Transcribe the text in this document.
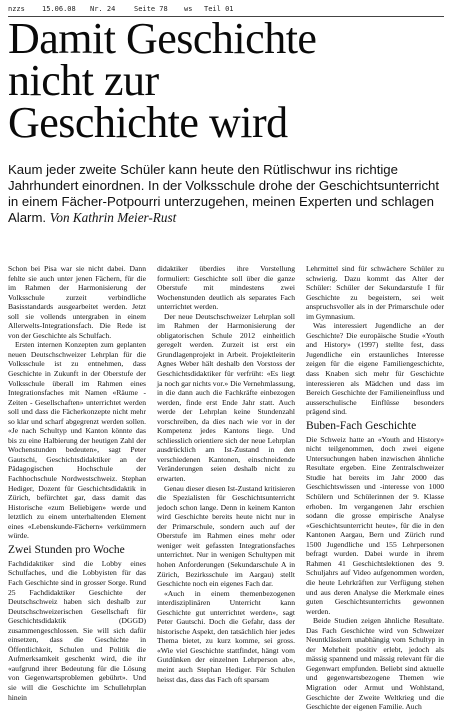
nzzs 15.06.08 Nr. 24	Seite 78 ws Teil 01
Damit Geschichte
nicht zur
Geschichte wird

Kaum jeder zweite Schüler kann heute den Rütlischwur ins richtige Jahrhundert einordnen. In der Volksschule drohe der Geschichtsunterricht in einem Fächer-Potpourri unterzugehen, meinen Experten und schlagen Alarm. Von Kathrin Meier-Rust

Schon bei Pisa war sie nicht dabei. Dann fehlte sie auch unter jenen Fächern, für die im Rahmen der Harmonisierung der Volksschule zurzeit verbindliche Basisstandards ausgearbeitet werden. Jetzt soll sie vollends untergraben in einem Allerwelts-Integrationsfach. Die Rede ist von der Geschichte als Schulfach.

Ersten internen Konzepten zum geplanten neuen Deutschschweizer Lehrplan für die Volksschule ist zu entnehmen, dass Geschichte in Zukunft in der Oberstufe der Volksschule überall im Rahmen eines Integrationsfaches mit Namen «Räume - Zeiten - Gesellschaften» unterrichtet werden soll und dass die Fächerkonzepte nicht mehr so klar und scharf abgegrenzt werden sollen. «Je nach Schultyp und Kanton könnte das bis zu eine Halbierung der heutigen Zahl der Wochenstunden bedeuten», sagt Peter Gautschi, Geschichtsdidaktiker an der Pädagogischen Hochschule der Fachhochschule Nordwestschweiz. Stephan Hediger, Dozent für Geschichtsdidaktik in Zürich, befürchtet gar, dass damit das Historische «zum Beliebigen» werde und letztlich zu einem unterhaltenden Element eines «Lebenskunde-Fächern» verkümmern würde.

Zwei Stunden pro Woche

Fachdidaktiker sind die Lobby eines Schulfaches, und die Lobbyisten für das Fach Geschichte sind in grosser Sorge. Rund 25 Fachdidaktiker Geschichte der Deutschschweiz haben sich deshalb zur Deutschschweizerischen Gesellschaft für Geschichtsdidaktik (DGGD) zusammengeschlossen. Sie will sich dafür einsetzen, dass die Geschichte in Öffentlichkeit, Schulen und Politik die Aufmerksamkeit geschenkt wird, die ihr «aufgrund ihrer Bedeutung für die Lösung von Gegenwartsproblemen gebührt». Und sie will die Geschichte im Schullehrplan hinein

didaktiker überdies ihre Vorstellung formuliert: Geschichte soll über die ganze Oberstufe mit mindestens zwei Wochenstunden deutlich als separates Fach unterrichtet werden.

Der neue Deutschschweizer Lehrplan soll im Rahmen der Harmonisierung der obligatorischen Schule 2012 einheitlich geregelt werden. Zurzeit ist erst ein Grundlagenprojekt in Arbeit. Projektleiterin Agnes Weber hält deshalb den Vorstoss der Geschichtsdidaktiker für verfrüht: «Es liegt ja noch gar nichts vor.» Die Vernehmlassung, in die dann auch die Fachkräfte einbezogen werden, finde erst Ende Jahr statt. Auch werde der Lehrplan keine Stundenzahl vorschreiben, da dies nach wie vor in der Kompetenz jedes Kantons liege. Und schliesslich orientiere sich der neue Lehrplan ausdrücklich am Ist-Zustand in den verschiedenen Kantonen, einschneidende Veränderungen seien deshalb nicht zu erwarten.

Genau dieser diesen Ist-Zustand kritisieren die Spezialisten für Geschichtsunterricht jedoch schon lange. Denn in keinem Kanton wird Geschichte bereits heute nicht nur in der Primarschule, sondern auch auf der Oberstufe im Rahmen eines mehr oder weniger weit gefassten Integrationsfaches unterrichtet. Nur in wenigen Schultypen mit hohen Anforderungen (Sekundarschule A in Zürich, Bezirksschule im Aargau) stellt Geschichte noch ein eigenes Fach dar.

«Auch in einem themenbezogenen interdisziplinären Unterricht kann Geschichte gut unterrichtet werden», sagt Peter Gautschi. Doch die Gefahr, dass der historische Aspekt, den tatsächlich hier jedes Thema bietet, zu kurz komme, sei gross. «Wie viel Geschichte stattfindet, hängt vom Gutdünken der einzelnen Lehrperson ab», meint auch Stephan Hediger. Für Schulen heisst das, dass das Fach oft sparsam

Lehrmittel sind für schwächere Schüler zu schwierig. Dazu kommt das Alter der Schüler: Schüler der Sekundarstufe I für Geschichte zu begeistern, sei weit anspruchsvoller als in der Primarschule oder im Gymnasium.

Was interessiert Jugendliche an der Geschichte? Die europäische Studie «Youth and History» (1997) stellte fest, dass Jugendliche ein erstaunliches Interesse zeigen für die eigene Familiengeschichte, dass Knaben sich mehr für Geschichte interessieren als Mädchen und dass im Bereich Geschichte der Familieneinfluss und ausserschulische Einflüsse besonders prägend sind.

Buben-Fach Geschichte

Die Schweiz hatte an «Youth and History» nicht teilgenommen, doch zwei eigene Untersuchungen haben inzwischen ähnliche Resultate ergeben. Eine Zentralschweizer Studie hat bereits im Jahr 2000 das Geschichtswissen und -interesse von 1000 Schülern und Schülerinnen der 9. Klasse erhoben. Im vergangenen Jahr erschien sodann die grosse empirische Analyse «Geschichtsunterricht heute», für die in den Kantonen Aargau, Bern und Zürich rund 1500 Jugendliche und 155 Lehrpersonen befragt wurden. Dabei wurde in ihrem Rahmen 41 Geschichtslektionen des 9. Schuljahrs auf Video aufgenommen worden, die heute Lehrkräften zur Verfügung stehen und aus deren Analyse die Merkmale eines guten Geschichtsunterrichts gewonnen werden.

Beide Studien zeigen ähnliche Resultate. Das Fach Geschichte wird von Schweizer Neuntklässlern unabhängig vom Schultyp in der Mehrheit positiv erlebt, jedoch als mässig spannend und mässig relevant für die Gegenwart empfunden. Beliebt sind aktuelle und gegenwartsbezogene Themen wie Migration oder Armut und Wohlstand, Geschichte der Zweite Weltkrieg und die Geschichte der eigenen Familie. Auch
